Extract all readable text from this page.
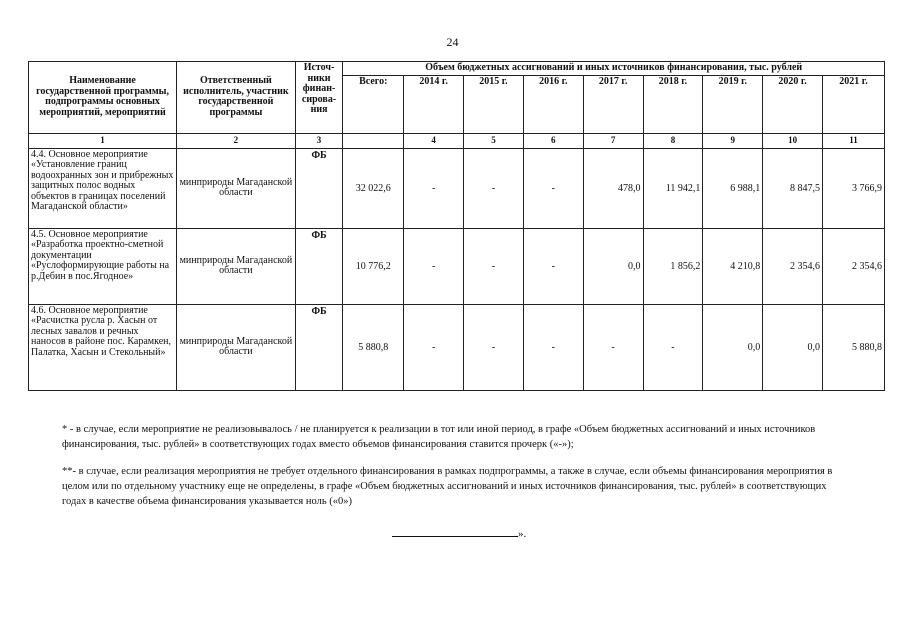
24
Наименование государственной программы, подпрограммы основных мероприятий, мероприятий	Ответственный исполнитель, участник государственной программы	Источ-ники финан-сирова-ния	Объем бюджетных ассигнований и иных источников финансирования, тыс. рублей								
			Всего:	2014 г.	2015 г.	2016 г.	2017 г.	2018 г.	2019 г.	2020 г.	2021 г.
1	2	3		4	5	6	7	8	9	10	11
4.4. Основное мероприятие «Установление границ водоохранных зон и прибрежных защитных полос водных объектов в границах поселений Магаданской области»	минприроды Магаданской области	ФБ	32 022,6	-	-	-	478,0	11 942,1	6 988,1	8 847,5	3 766,9
4.5. Основное мероприятие «Разработка проектно-сметной документации «Руслоформирующие работы на р.Дебин в пос.Ягодное»	минприроды Магаданской области	ФБ	10 776,2	-	-	-	0,0	1 856,2	4 210,8	2 354,6	2 354,6
4.6. Основное мероприятие «Расчистка русла р. Хасын от лесных завалов и речных наносов в районе пос. Карамкен, Палатка, Хасын и Стекольный»	минприроды Магаданской области	ФБ	5 880,8	-	-	-	-	-	0,0	0,0	5 880,8
* - в случае, если мероприятие не реализовывалось / не планируется к реализации в тот или иной период, в графе «Объем бюджетных ассигнований и иных источников финансирования, тыс. рублей» в соответствующих годах вместо объемов финансирования ставится прочерк («-»);
**- в случае, если реализация мероприятия не требует отдельного финансирования в рамках подпрограммы, а также в случае, если объемы финансирования мероприятия в целом или по отдельному участнику еще не определены, в графе «Объем бюджетных ассигнований и иных источников финансирования, тыс. рублей» в соответствующих годах в качестве объема финансирования указывается ноль («0»)
».
